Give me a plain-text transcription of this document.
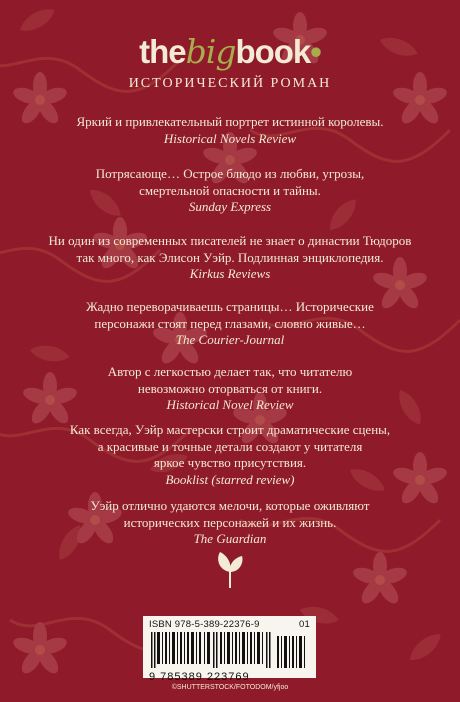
thebigbook•
ИСТОРИЧЕСКИЙ РОМАН
Яркий и привлекательный портрет истинной королевы.
Historical Novels Review
Потрясающе… Острое блюдо из любви, угрозы,
смертельной опасности и тайны.
Sunday Express
Ни один из современных писателей не знает о династии Тюдоров
так много, как Элисон Уэйр. Подлинная энциклопедия.
Kirkus Reviews
Жадно переворачиваешь страницы… Исторические
персонажи стоят перед глазами, словно живые…
The Courier-Journal
Автор с легкостью делает так, что читателю
невозможно оторваться от книги.
Historical Novel Review
Как всегда, Уэйр мастерски строит драматические сцены,
а красивые и точные детали создают у читателя
яркое чувство присутствия.
Booklist (starred review)
Уэйр отлично удаются мелочи, которые оживляют
исторических персонажей и их жизнь.
The Guardian
ISBN 978-5-389-22376-9	01
9 785389 223769
©SHUTTERSTOCK/FOTODOM/yfjoo
